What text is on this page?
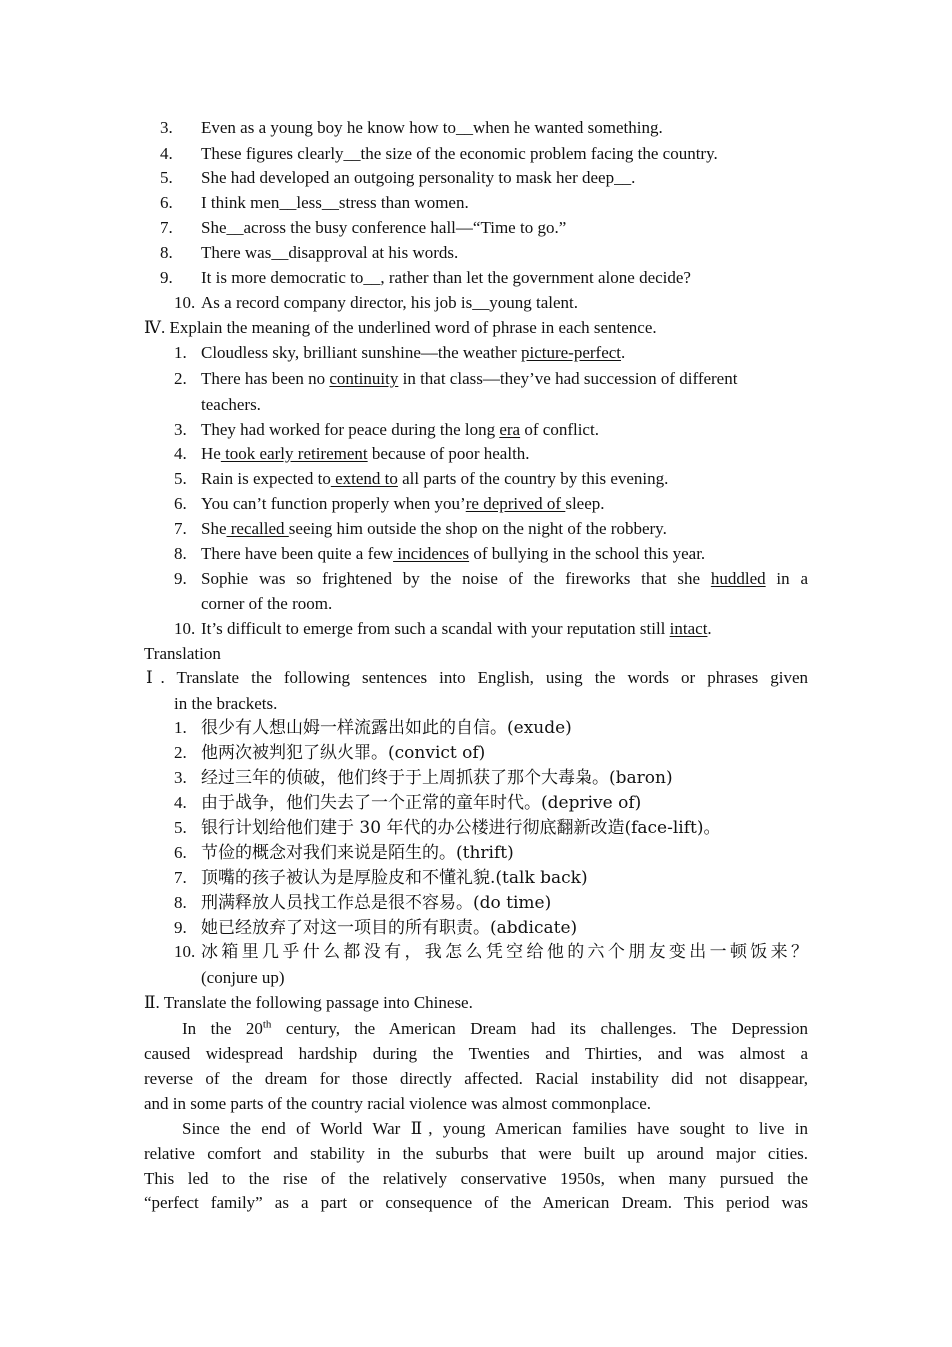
3.	Even as a young boy he know how to__when he wanted something.
4.	These figures clearly__the size of the economic problem facing the country.
5.	She had developed an outgoing personality to mask her deep__.
6.	I think men__less__stress than women.
7.	She__across the busy conference hall—“Time to go.”
8.	There was__disapproval at his words.
9.	It is more democratic to__, rather than let the government alone decide?
10. As a record company director, his job is__young talent.
Ⅳ. Explain the meaning of the underlined word of phrase in each sentence.
1. Cloudless sky, brilliant sunshine—the weather picture-perfect.
2. There has been no continuity in that class—they’ve had succession of different
teachers.
3. They had worked for peace during the long era of conflict.
4. He took early retirement because of poor health.
5. Rain is expected to extend to all parts of the country by this evening.
6. You can’t function properly when you’re deprived of sleep.
7. She recalled seeing him outside the shop on the night of the robbery.
8. There have been quite a few incidences of bullying in the school this year.
9. Sophie was so frightened by the noise of the fireworks that she huddled in a
corner of the room.
10. It’s difficult to emerge from such a scandal with your reputation still intact.
Translation
Ⅰ. Translate the following sentences into English, using the words or phrases given
in the brackets.
1. 很少有人想山姆一样流露出如此的自信。(exude)
2. 他两次被判犯了纵火罪。(convict of)
3. 经过三年的侦破，他们终于于上周抓获了那个大毒枭。(baron)
4. 由于战争，他们失去了一个正常的童年时代。(deprive of)
5. 银行计划给他们建于 30 年代的办公楼进行彻底翻新改造(face-lift)。
6. 节俭的概念对我们来说是陌生的。(thrift)
7. 顶嘴的孩子被认为是厚脸皮和不懂礼貌.(talk back)
8. 刑满释放人员找工作总是很不容易。(do time)
9. 她已经放弃了对这一项目的所有职责。(abdicate)
10. 冰箱里几乎什么都没有，我怎么凭空给他的六个朋友变出一顿饭来？
(conjure up)
Ⅱ. Translate the following passage into Chinese.
In the 20th century, the American Dream had its challenges. The Depression
caused widespread hardship during the Twenties and Thirties, and was almost a
reverse of the dream for those directly affected. Racial instability did not disappear,
and in some parts of the country racial violence was almost commonplace.
Since the end of World War Ⅱ, young American families have sought to live in
relative comfort and stability in the suburbs that were built up around major cities.
This led to the rise of the relatively conservative 1950s, when many pursued the
“perfect family” as a part or consequence of the American Dream. This period was
